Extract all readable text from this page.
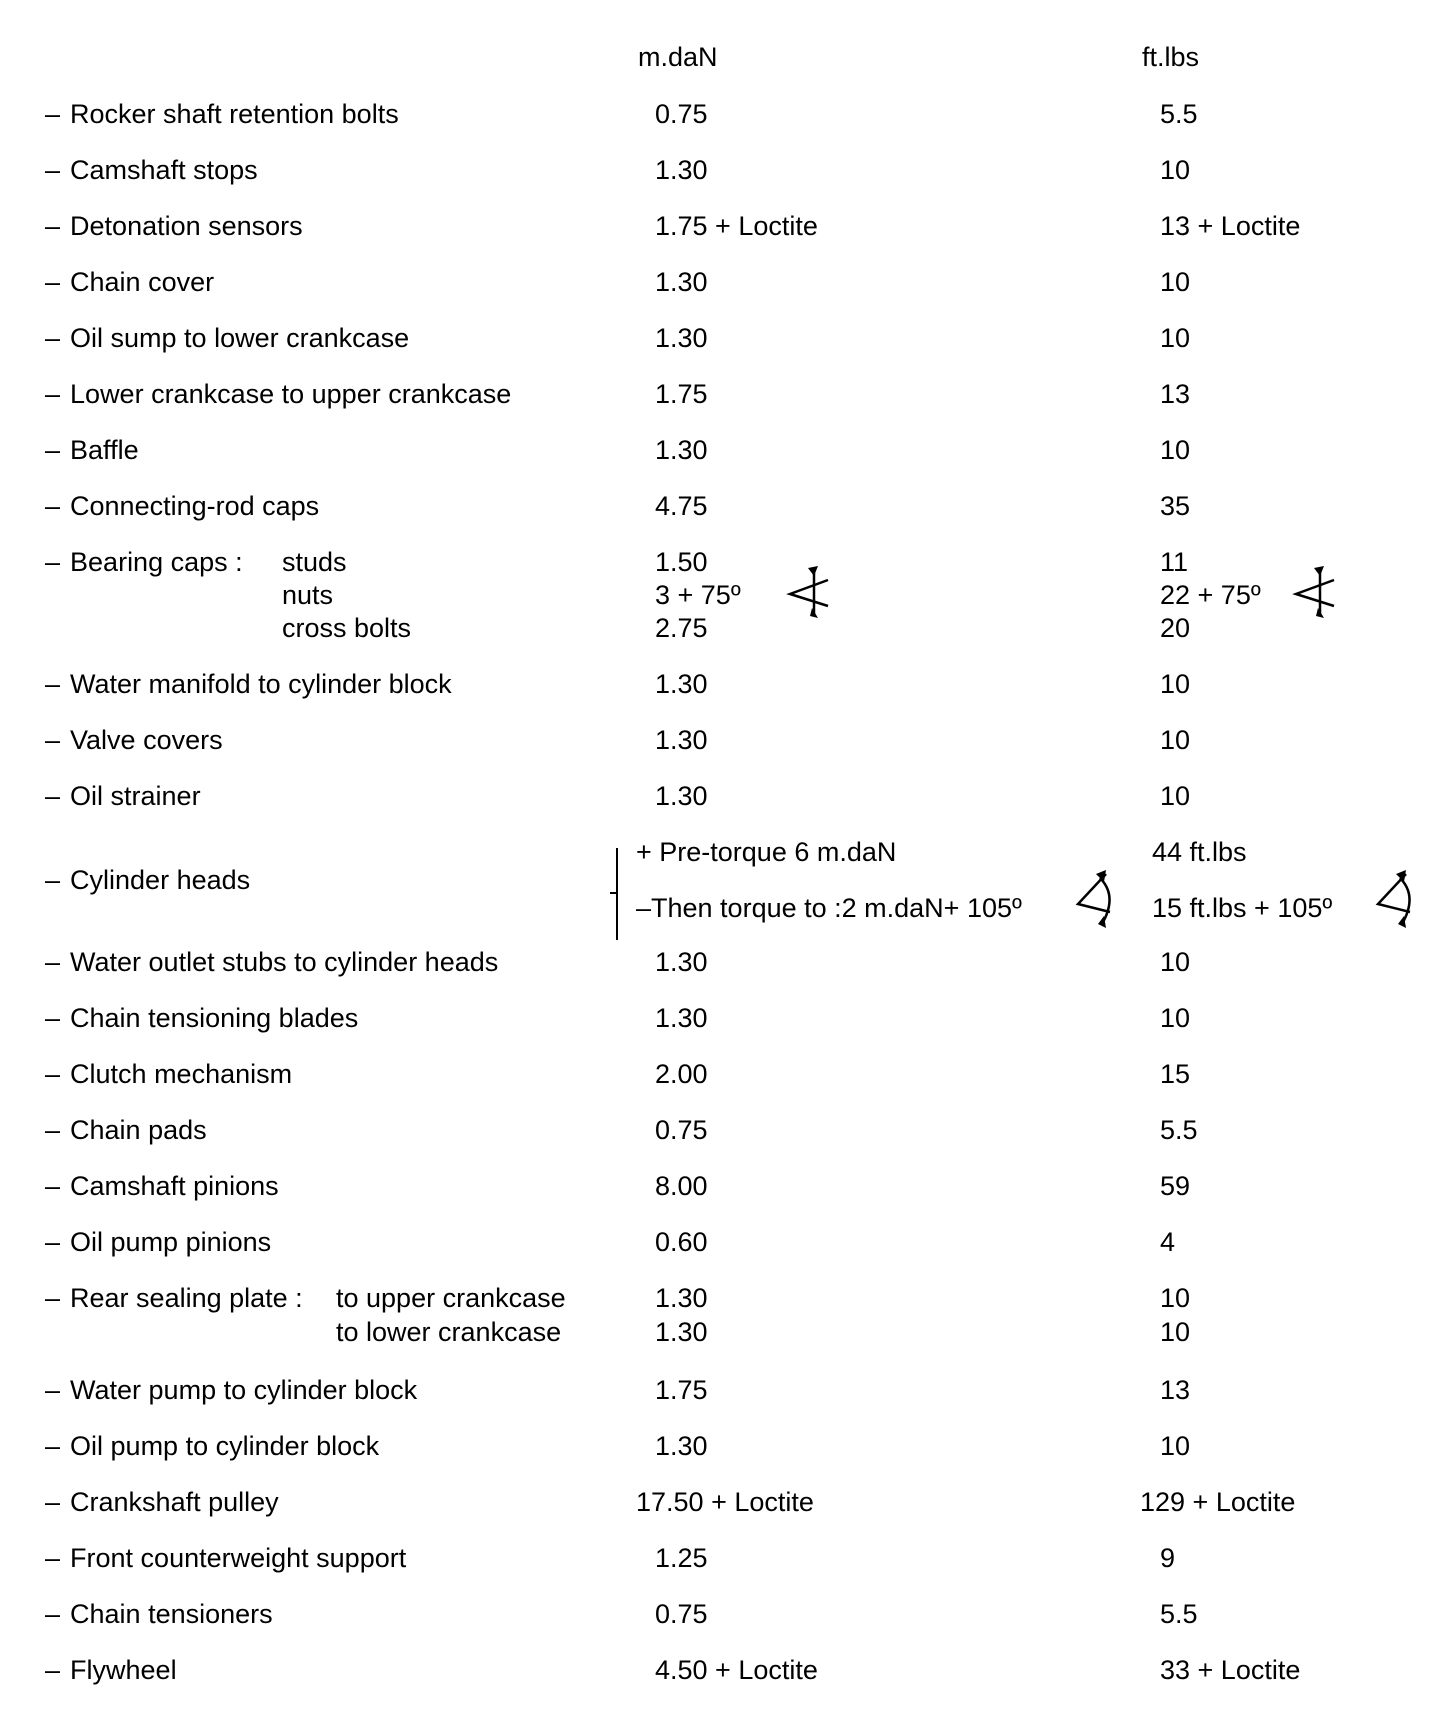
m.daN	ft.lbs
– Rocker shaft retention bolts	0.75	5.5
– Camshaft stops	1.30	10
– Detonation sensors	1.75 + Loctite	13 + Loctite
– Chain cover	1.30	10
– Oil sump to lower crankcase	1.30	10
– Lower crankcase to upper crankcase	1.75	13
– Baffle	1.30	10
– Connecting-rod caps	4.75	35
– Bearing caps : studs	1.50	11
nuts	3 + 75º	22 + 75º
cross bolts	2.75	20
– Water manifold to cylinder block	1.30	10
– Valve covers	1.30	10
– Oil strainer	1.30	10
– Cylinder heads
+ Pre-torque 6 m.daN	44 ft.lbs
–Then torque to :2 m.daN+ 105º	15 ft.lbs + 105º
– Water outlet stubs to cylinder heads	1.30	10
– Chain tensioning blades	1.30	10
– Clutch mechanism	2.00	15
– Chain pads	0.75	5.5
– Camshaft pinions	8.00	59
– Oil pump pinions	0.60	4
– Rear sealing plate : to upper crankcase	1.30	10
to lower crankcase	1.30	10
– Water pump to cylinder block	1.75	13
– Oil pump to cylinder block	1.30	10
– Crankshaft pulley	17.50 + Loctite	129 + Loctite
– Front counterweight support	1.25	9
– Chain tensioners	0.75	5.5
– Flywheel	4.50 + Loctite	33 + Loctite
